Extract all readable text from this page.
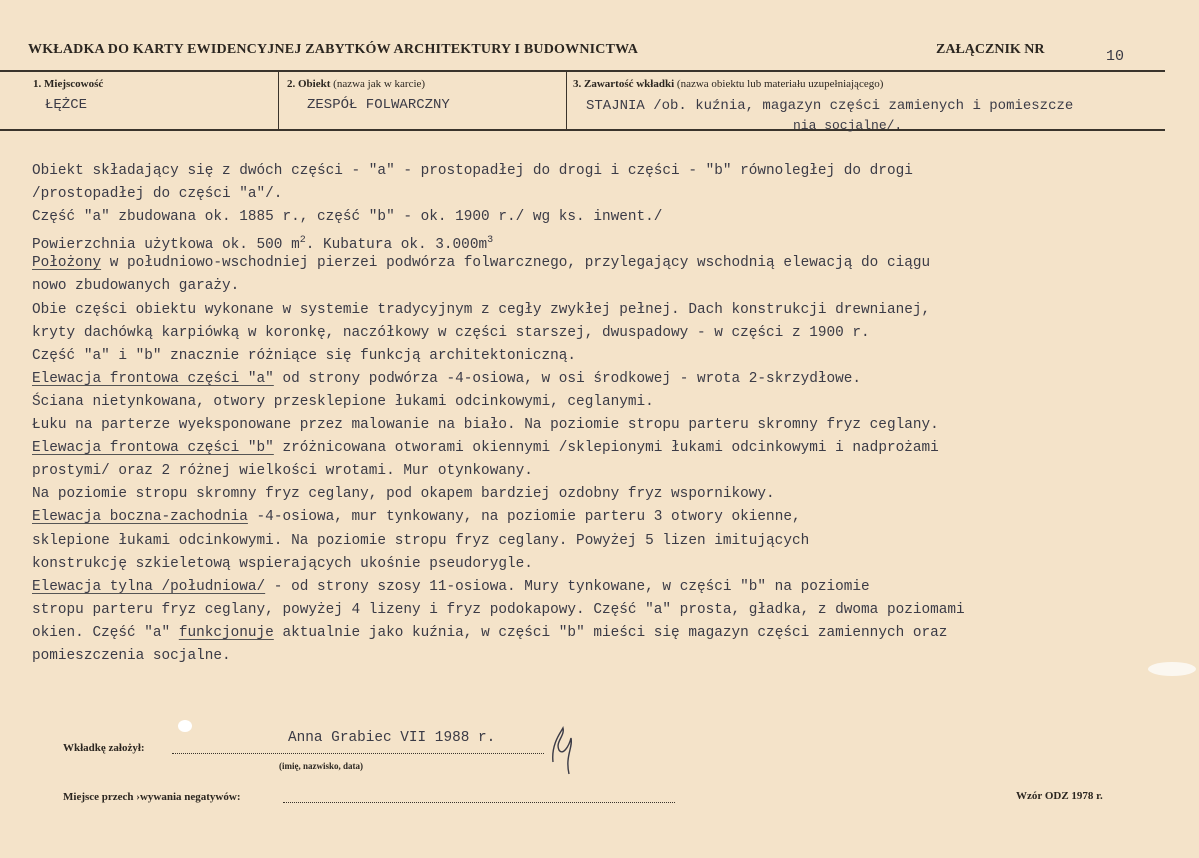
WKŁADKA DO KARTY EWIDENCYJNEJ ZABYTKÓW ARCHITEKTURY I BUDOWNICTWA	ZAŁĄCZNIK NR	10
1. Miejscowość
ŁĘŻCE
2. Obiekt (nazwa jak w karcie)
ZESPÓŁ FOLWARCZNY
3. Zawartość wkładki (nazwa obiektu lub materiału uzupełniającego)
STAJNIA /ob. kuźnia, magazyn części zamienych i pomieszcze
nia socjalne/.
Obiekt składający się z dwóch części - "a" - prostopadłej do drogi i części - "b" równoległej do drogi
/prostopadłej do części "a"/.
Część "a" zbudowana ok. 1885 r., część "b" - ok. 1900 r./ wg ks. inwent./
Powierzchnia użytkowa ok. 500 $m^2$. Kubatura ok. $3.000m^3$
Położony w południowo-wschodniej pierzei podwórza folwarcznego, przylegający wschodnią elewacją do ciągu
nowo zbudowanych garaży.
Obie części obiektu wykonane w systemie tradycyjnym z cegły zwykłej pełnej. Dach konstrukcji drewnianej,
kryty dachówką karpiówką w koronkę, naczółkowy w części starszej, dwuspadowy - w części z 1900 r.
Część "a" i "b" znacznie różniące się funkcją architektoniczną.
Elewacja frontowa części "a" od strony podwórza -4-osiowa, w osi środkowej - wrota 2-skrzydłowe.
Ściana nietynkowana, otwory przesklepione łukami odcinkowymi, ceglanymi.
Łuku na parterze wyeksponowane przez malowanie na biało. Na poziomie stropu parteru skromny fryz ceglany.
Elewacja frontowa części "b" zróżnicowana otworami okiennymi /sklepionymi łukami odcinkowymi i nadprożami
prostymi/ oraz 2 różnej wielkości wrotami. Mur otynkowany.
Na poziomie stropu skromny fryz ceglany, pod okapem bardziej ozdobny fryz wspornikowy.
Elewacja boczna-zachodnia -4-osiowa, mur tynkowany, na poziomie parteru 3 otwory okienne,
sklepione łukami odcinkowymi. Na poziomie stropu fryz ceglany. Powyżej 5 lizen imitujących
konstrukcję szkieletową wspierających ukośnie pseudorygle.
Elewacja tylna /południowa/ - od strony szosy 11-osiowa. Mury tynkowane, w części "b" na poziomie
stropu parteru fryz ceglany, powyżej 4 lizeny i fryz podokapowy. Część "a" prosta, gładka, z dwoma poziomami
okien. Część "a" funkcjonuje aktualnie jako kuźnia, w części "b" mieści się magazyn części zamiennych oraz
pomieszczenia socjalne.
Wkładkę założył:
Anna Grabiec VII 1988 r.
(imię, nazwisko, data)
Miejsce przech ›wywania negatywów:	Wzór ODZ 1978 r.
